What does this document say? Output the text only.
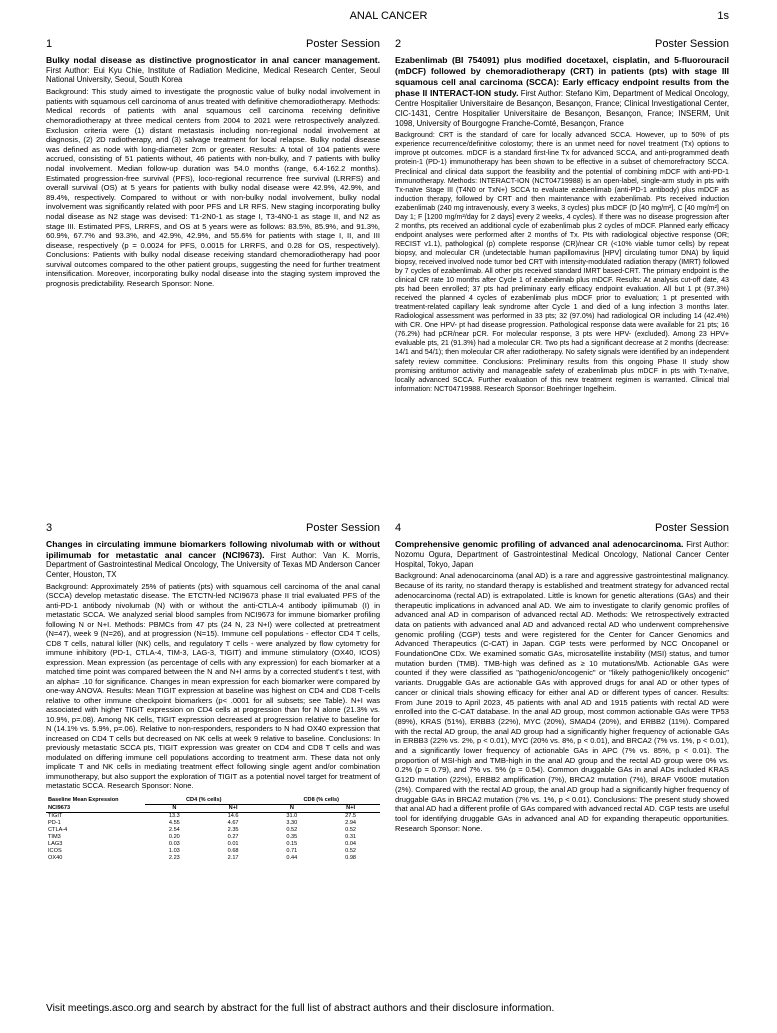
ANAL CANCER	1s
1	Poster Session
Bulky nodal disease as distinctive prognosticator in anal cancer management. First Author: Eui Kyu Chie, Institute of Radiation Medicine, Medical Research Center, Seoul National University, Seoul, South Korea
Background: This study aimed to investigate the prognostic value of bulky nodal involvement in patients with squamous cell carcinoma of anus treated with definitive chemoradiotherapy. Methods: Medical records of patients with anal squamous cell carcinoma receiving definitive chemoradiotherapy at three medical centers from 2004 to 2021 were retrospectively analyzed. Exclusion criteria were (1) distant metastasis including non-regional nodal involvement at diagnosis, (2) 2D radiotherapy, and (3) salvage treatment for local relapse. Bulky nodal disease was defined as node with long-diameter 2cm or greater. Results: A total of 104 patients were accrued, consisting of 51 patients without, 46 patients with non-bulky, and 7 patients with bulky nodal involvement. Median follow-up duration was 54.0 months (range, 6.4-162.2 months). Estimated progression-free survival (PFS), loco-regional recurrence free survival (LRRFS) and overall survival (OS) at 5 years for patients with bulky nodal disease were 42.9%, 42.9%, and 89.4%, respectively. Compared to without or with non-bulky nodal involvement, bulky nodal involvement was significantly related with poor PFS and LR RFS. New staging incorporating bulky nodal disease as N2 stage was devised: T1-2N0-1 as stage I, T3-4N0-1 as stage II, and N2 as stage III. Estimated PFS, LRRFS, and OS at 5 years were as follows: 83.5%, 85.9%, and 91.3%, 60.9%, 67.7% and 93.3%, and 42.9%, 42.9%, and 55.6% for patients with stage I, II, and III disease, respectively (p = 0.0024 for PFS, 0.0015 for LRRFS, and 0.28 for OS, respectively). Conclusions: Patients with bulky nodal disease receiving standard chemoradiotherapy had poor survival outcomes compared to the other patient groups, suggesting the need for further treatment intensification. Moreover, incorporating bulky nodal disease into the staging system improved the prognosis predictability. Research Sponsor: None.
2	Poster Session
Ezabenlimab (BI 754091) plus modified docetaxel, cisplatin, and 5-fluorouracil (mDCF) followed by chemoradiotherapy (CRT) in patients (pts) with stage III squamous cell anal carcinoma (SCCA): Early efficacy endpoint results from the phase II INTERACT-ION study. First Author: Stefano Kim, Department of Medical Oncology, Centre Hospitalier Universitaire de Besançon, Besançon, France; Clinical Investigational Center, CIC-1431, Centre Hospitalier Universitaire de Besançon, Besançon, France; INSERM, Unit 1098, University of Bourgogne Franche-Comté, Besançon, France
Background: CRT is the standard of care for locally advanced SCCA. However, up to 50% of pts experience recurrence/definitive colostomy; there is an unmet need for novel treatment (Tx) options to improve pt outcomes. mDCF is a standard first-line Tx for advanced SCCA, and anti-programmed death protein-1 (PD-1) immunotherapy has been shown to be effective in a subset of chemorefractory SCCA. Preclinical and clinical data support the feasibility and the potential of combining mDCF with anti-PD-1 immunotherapy. Methods: INTERACT-ION (NCT04719988) is an open-label, single-arm study in pts with Tx-naïve Stage III (T4N0 or TxN+) SCCA to evaluate ezabenlimab (anti-PD-1 antibody) plus mDCF as induction therapy, followed by CRT and then maintenance with ezabenlimab. Pts received induction ezabenlimab (240 mg intravenously, every 3 weeks, 3 cycles) plus mDCF (D [40 mg/m²], C [40 mg/m²] on Day 1; F [1200 mg/m²/day for 2 days] every 2 weeks, 4 cycles). If there was no disease progression after 2 months, pts received an additional cycle of ezabenlimab plus 2 cycles of mDCF. Planned early efficacy endpoint analyses were performed after 2 months of Tx. Pts with radiological objective response (OR; RECIST v1.1), pathological (p) complete response (CR)/near CR (<10% viable tumor cells) by repeat biopsy, and molecular CR (undetectable human papillomavirus [HPV] circulating tumor DNA) by liquid biopsy, received involved node tumor bed CRT with intensity-modulated radiation therapy (IMRT) followed by 7 cycles of ezabenlimab. All other pts received standard IMRT based-CRT. The primary endpoint is the clinical CR rate 10 months after Cycle 1 of ezabenlimab plus mDCF. Results: At analysis cut-off date, 43 pts had been enrolled; 37 pts had preliminary early efficacy endpoint evaluation. All but 1 pt (97.3%) received the planned 4 cycles of ezabenlimab plus mDCF prior to evaluation; 1 pt presented with treatment-related capillary leak syndrome after Cycle 1 and died of a lung infection 3 months later. Radiological assessment was performed in 33 pts; 32 (97.0%) had radiological OR including 14 (42.4%) with CR. One HPV- pt had disease progression. Pathological response data were available for 21 pts; 16 (76.2%) had pCR/near pCR. For molecular response, 3 pts were HPV- (excluded). Among 23 HPV+ evaluable pts, 21 (91.3%) had a molecular CR. Two pts had a significant decrease at 2 months (decrease: 14/1 and 54/1); then molecular CR after radiotherapy. No safety signals were identified by an independent safety review committee. Conclusions: Preliminary results from this ongoing Phase II study show promising antitumor activity and manageable safety of ezabenlimab plus mDCF in pts with Tx-naïve, locally advanced SCCA. Further evaluation of this new treatment regimen is warranted. Clinical trial information: NCT04719988. Research Sponsor: Boehringer Ingelheim.
3	Poster Session
Changes in circulating immune biomarkers following nivolumab with or without ipilimumab for metastatic anal cancer (NCI9673). First Author: Van K. Morris, Department of Gastrointestinal Medical Oncology, The University of Texas MD Anderson Cancer Center, Houston, TX
Background: Approximately 25% of patients (pts) with squamous cell carcinoma of the anal canal (SCCA) develop metastatic disease. The ETCTN-led NCI9673 phase II trial evaluated PFS of the anti-PD-1 antibody nivolumab (N) with or without the anti-CTLA-4 antibody ipilimumab (I) in metastatic SCCA. We analyzed serial blood samples from NCI9673 for immune biomarker profiling following N or N+I. Methods: PBMCs from 47 pts (24 N, 23 N+I) were collected at pretreatment (N=47), week 9 (N=26), and at progression (N=15). Immune cell populations - effector CD4 T cells, CD8 T cells, natural killer (NK) cells, and regulatory T cells - were analyzed by flow cytometry for immune inhibitory (PD-1, CTLA-4, TIM-3, LAG-3, TIGIT) and immune stimulatory (OX40, ICOS) expression. Mean expression (as percentage of cells with any expression) for each biomarker at a matched time point was compared between the N and N+I arms by a corrected student's t test, with an alpha= .10 for significance. Changes in mean expression for each biomarker were compared by one-way ANOVA. Results: Mean TIGIT expression at baseline was highest on CD4 and CD8 T-cells relative to other immune checkpoint biomarkers (p< .0001 for all subsets; see Table). N+I was associated with higher TIGIT expression on CD4 cells at progression than for N alone (21.3% vs. 10.9%, p=.08). Among NK cells, TIGIT expression decreased at progression relative to baseline for N (14.1% vs. 5.9%, p=.06). Relative to non-responders, responders to N had OX40 expression that increased on CD4 T cells but decreased on NK cells at week 9 relative to baseline. Conclusions: In previously metastatic SCCA pts, TIGIT expression was greater on CD4 and CD8 T cells and was modulated on differing immune cell populations according to treatment arm. These data not only implicate T and NK cells in mediating treatment effect following single agent and/or combination immunotherapy, but also support the exploration of TIGIT as a potential novel target for treatment of metastatic SCCA. Research Sponsor: None.
Baseline Mean Expression	CD4 (% cells)		CD8 (% cells)	
NCI9673	N	N+I	N	N+I
TIGIT	13.3	14.6	31.0	27.5
PD-1	4.55	4.67	3.30	2.94
CTLA-4	2.54	2.35	0.52	0.52
TIM3	0.20	0.27	0.35	0.31
LAG3	0.03	0.01	0.15	0.04
ICOS	1.03	0.68	0.71	0.52
OX40	2.23	2.17	0.44	0.98
4	Poster Session
Comprehensive genomic profiling of advanced anal adenocarcinoma. First Author: Nozomu Ogura, Department of Gastrointestinal Medical Oncology, National Cancer Center Hospital, Tokyo, Japan
Background: Anal adenocarcinoma (anal AD) is a rare and aggressive gastrointestinal malignancy. Because of its rarity, no standard therapy is established and treatment strategy for advanced rectal adenocarcinoma (rectal AD) is extrapolated. Little is known for genetic alterations (GAs) and their therapeutic implications in advanced anal AD. We aim to investigate to clarify genomic profiles of advanced anal AD in comparison of advanced rectal AD. Methods: We retrospectively extracted data on patients with advanced anal AD and advanced rectal AD who underwent comprehensive genomic profiling (CGP) tests and were registered for the Center for Cancer Genomics and Advanced Therapeutics (C-CAT) in Japan. CGP tests were performed by NCC Oncopanel or FoundationOne CDx. We examined somatic GAs, microsatellite instability (MSI) status, and tumor mutation burden (TMB). TMB-high was defined as ≥ 10 mutations/Mb. Actionable GAs were counted if they were classified as "pathogenic/oncogenic" or "likely pathogenic/likely oncogenic" variants. Druggable GAs are actionable GAs with approved drugs for anal AD or other types of cancer or clinical trials showing efficacy for either anal AD or different types of cancer. Results: From June 2019 to April 2023, 45 patients with anal AD and 1915 patients with rectal AD were enrolled into the C-CAT database. In the anal AD group, most common actionable GAs were TP53 (89%), KRAS (51%), ERBB3 (22%), MYC (20%), SMAD4 (20%), and ERBB2 (11%). Compared with the rectal AD group, the anal AD group had a significantly higher frequency of actionable GAs in ERBB3 (22% vs. 2%, p < 0.01), MYC (20% vs. 8%, p < 0.01), and BRCA2 (7% vs. 1%, p < 0.01), and a significantly lower frequency of actionable GAs in APC (7% vs. 85%, p < 0.01). The proportion of MSI-high and TMB-high in the anal AD group and the rectal AD group were 0% vs. 0.2% (p = 0.79), and 7% vs. 5% (p = 0.54). Common druggable GAs in anal ADs included KRAS G12D mutation (22%), ERBB2 amplification (7%), BRCA2 mutation (7%), BRAF V600E mutation (2%). Compared with the rectal AD group, the anal AD group had a significantly higher frequency of druggable GAs in BRCA2 mutation (7% vs. 1%, p < 0.01). Conclusions: The present study showed that anal AD had a different profile of GAs compared with advanced rectal AD. CGP tests are useful tool for identifying druggable GAs in advanced anal AD for expanding therapeutic opportunities. Research Sponsor: None.
Visit meetings.asco.org and search by abstract for the full list of abstract authors and their disclosure information.
